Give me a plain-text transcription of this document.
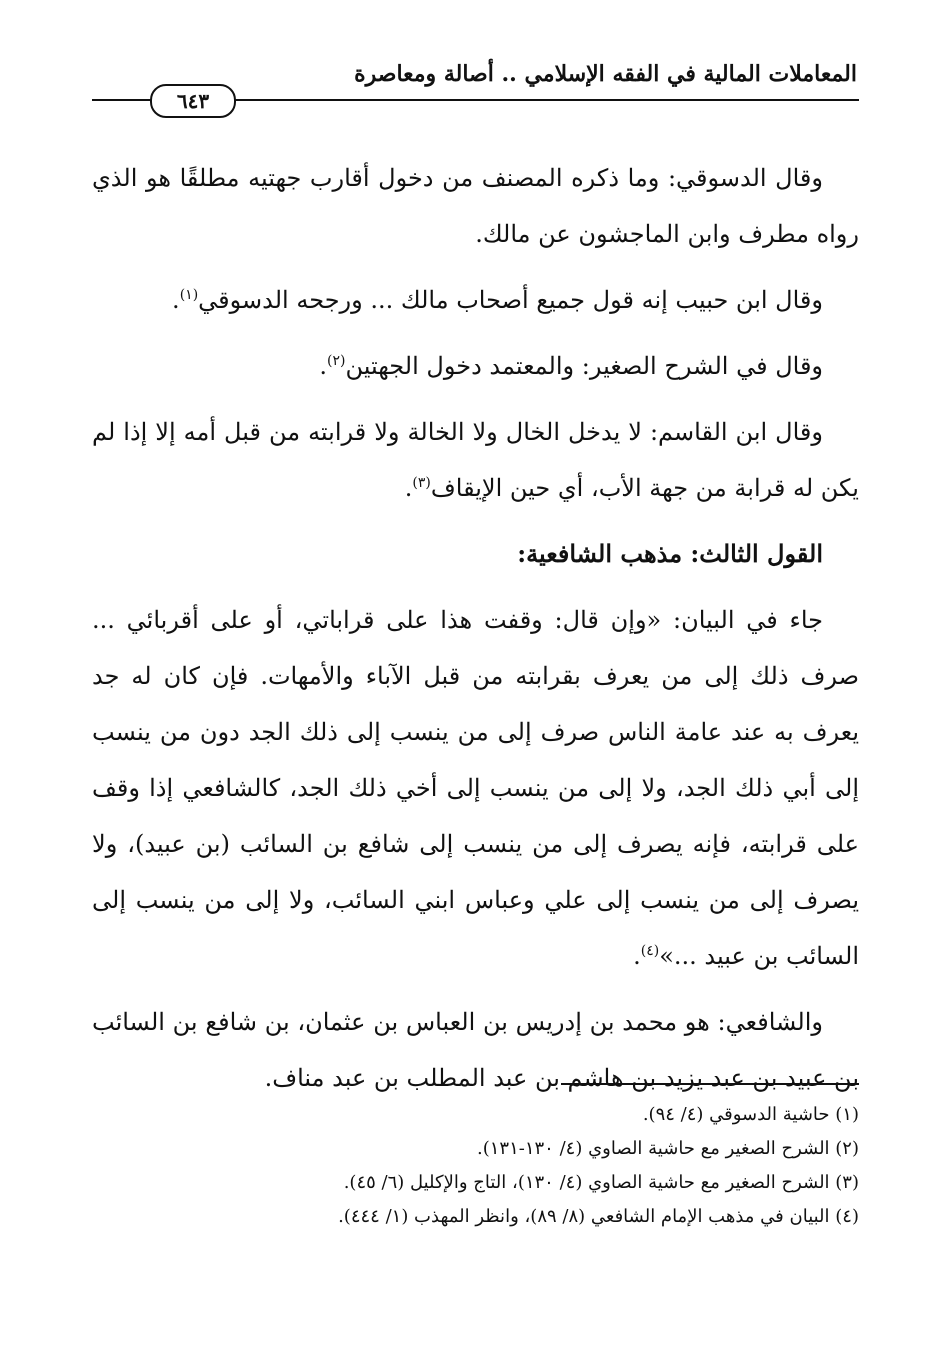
المعاملات المالية في الفقه الإسلامي .. أصالة ومعاصرة
٦٤٣

وقال الدسوقي: وما ذكره المصنف من دخول أقارب جهتيه مطلقًا هو الذي رواه مطرف وابن الماجشون عن مالك.

وقال ابن حبيب إنه قول جميع أصحاب مالك ... ورجحه الدسوقي$^{(١)}$.

وقال في الشرح الصغير: والمعتمد دخول الجهتين$^{(٢)}$.

وقال ابن القاسم: لا يدخل الخال ولا الخالة ولا قرابته من قبل أمه إلا إذا لم يكن له قرابة من جهة الأب، أي حين الإيقاف$^{(٣)}$.

القول الثالث: مذهب الشافعية:

جاء في البيان: «وإن قال: وقفت هذا على قراباتي، أو على أقربائي ... صرف ذلك إلى من يعرف بقرابته من قبل الآباء والأمهات. فإن كان له جد يعرف به عند عامة الناس صرف إلى من ينسب إلى ذلك الجد دون من ينسب إلى أبي ذلك الجد، ولا إلى من ينسب إلى أخي ذلك الجد، كالشافعي إذا وقف على قرابته، فإنه يصرف إلى من ينسب إلى شافع بن السائب (بن عبيد)، ولا يصرف إلى من ينسب إلى علي وعباس ابني السائب، ولا إلى من ينسب إلى السائب بن عبيد ...»$^{(٤)}$.

والشافعي: هو محمد بن إدريس بن العباس بن عثمان، بن شافع بن السائب بن عبيد بن عبد يزيد بن هاشم بن عبد المطلب بن عبد مناف.

(١) حاشية الدسوقي (٤/ ٩٤).

(٢) الشرح الصغير مع حاشية الصاوي (٤/ ١٣٠-١٣١).

(٣) الشرح الصغير مع حاشية الصاوي (٤/ ١٣٠)، التاج والإكليل (٦/ ٤٥).

(٤) البيان في مذهب الإمام الشافعي (٨/ ٨٩)، وانظر المهذب (١/ ٤٤٤).
